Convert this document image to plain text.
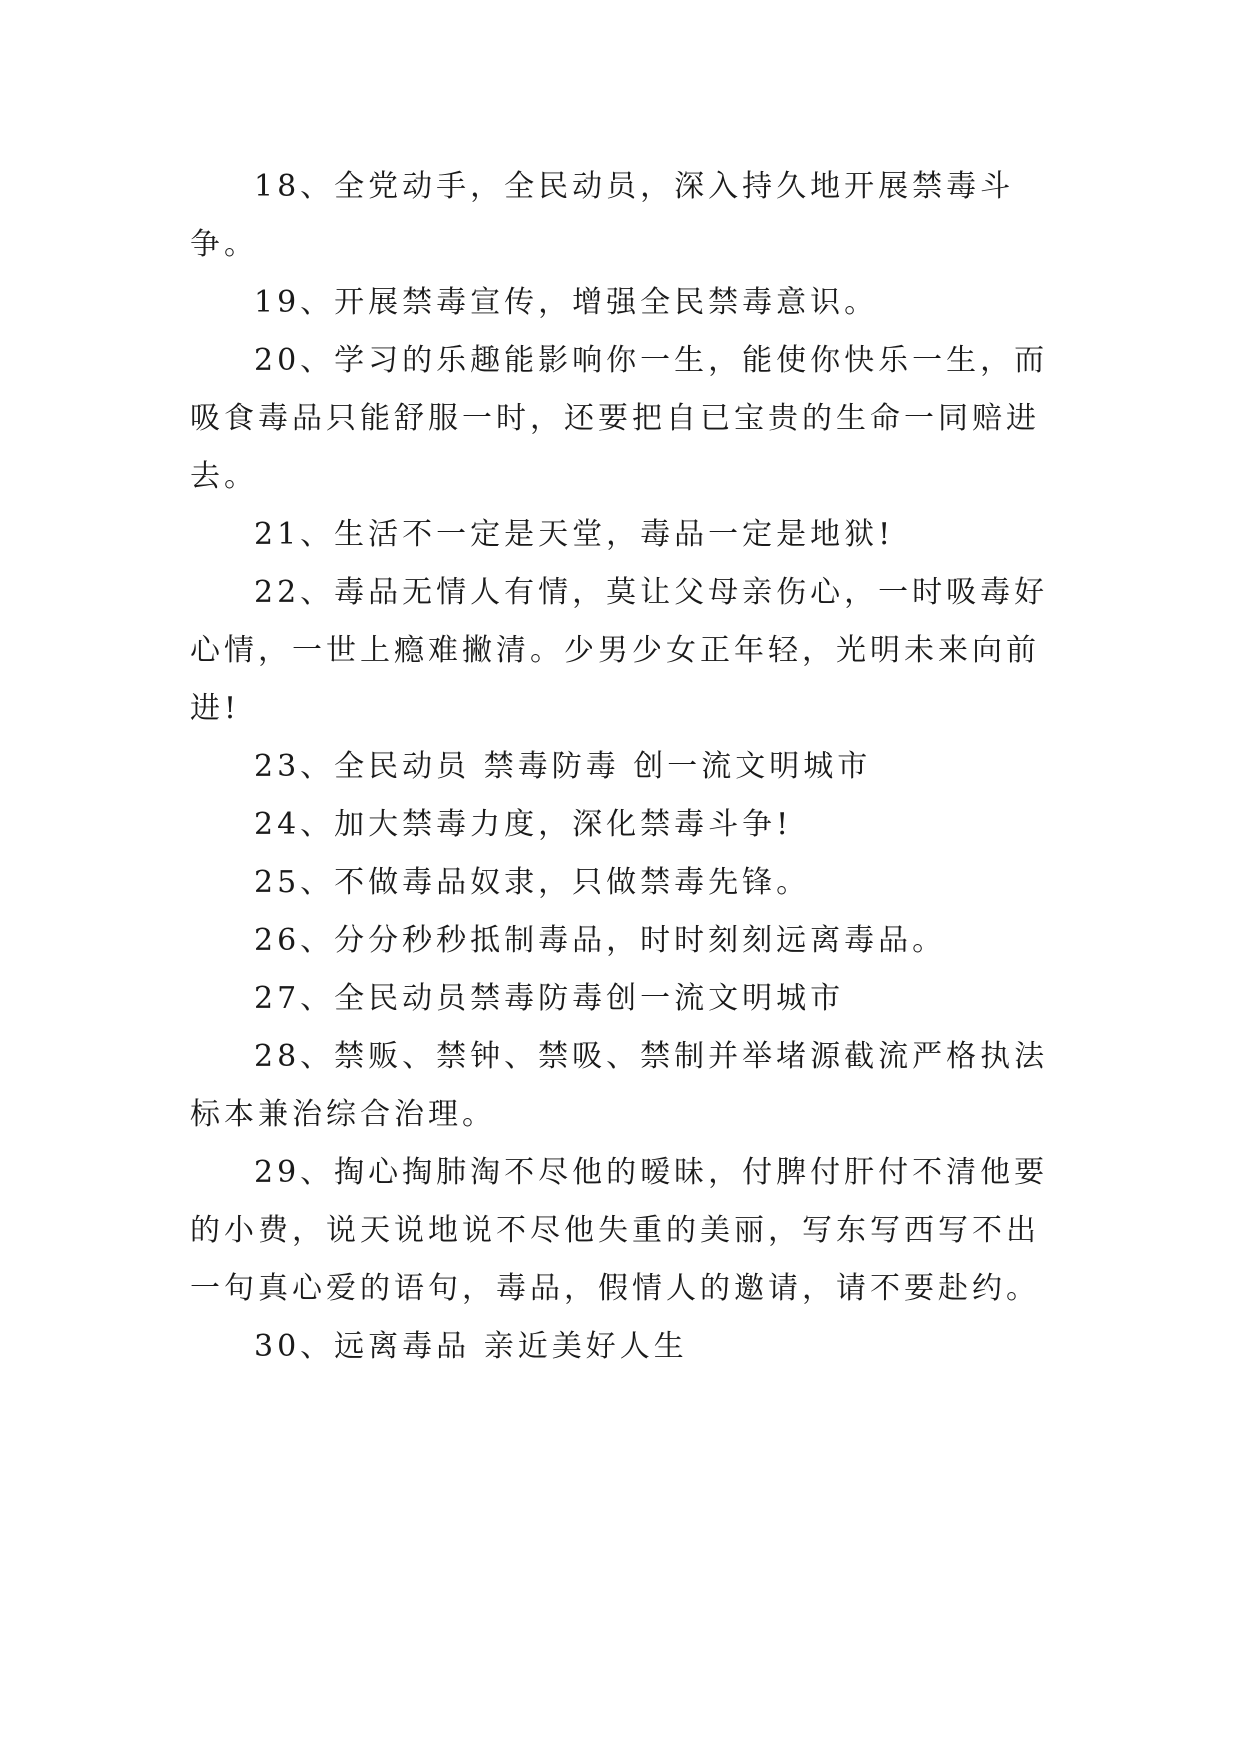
18、全党动手，全民动员，深入持久地开展禁毒斗争。

19、开展禁毒宣传，增强全民禁毒意识。

20、学习的乐趣能影响你一生，能使你快乐一生，而吸食毒品只能舒服一时，还要把自已宝贵的生命一同赔进去。

21、生活不一定是天堂，毒品一定是地狱!

22、毒品无情人有情，莫让父母亲伤心，一时吸毒好心情，一世上瘾难撇清。少男少女正年轻，光明未来向前进!

23、全民动员 禁毒防毒 创一流文明城市

24、加大禁毒力度，深化禁毒斗争!

25、不做毒品奴隶，只做禁毒先锋。

26、分分秒秒抵制毒品，时时刻刻远离毒品。

27、全民动员禁毒防毒创一流文明城市

28、禁贩、禁钟、禁吸、禁制并举堵源截流严格执法标本兼治综合治理。

29、掏心掏肺淘不尽他的暧昧，付脾付肝付不清他要的小费，说天说地说不尽他失重的美丽，写东写西写不出一句真心爱的语句，毒品，假情人的邀请，请不要赴约。

30、远离毒品 亲近美好人生
